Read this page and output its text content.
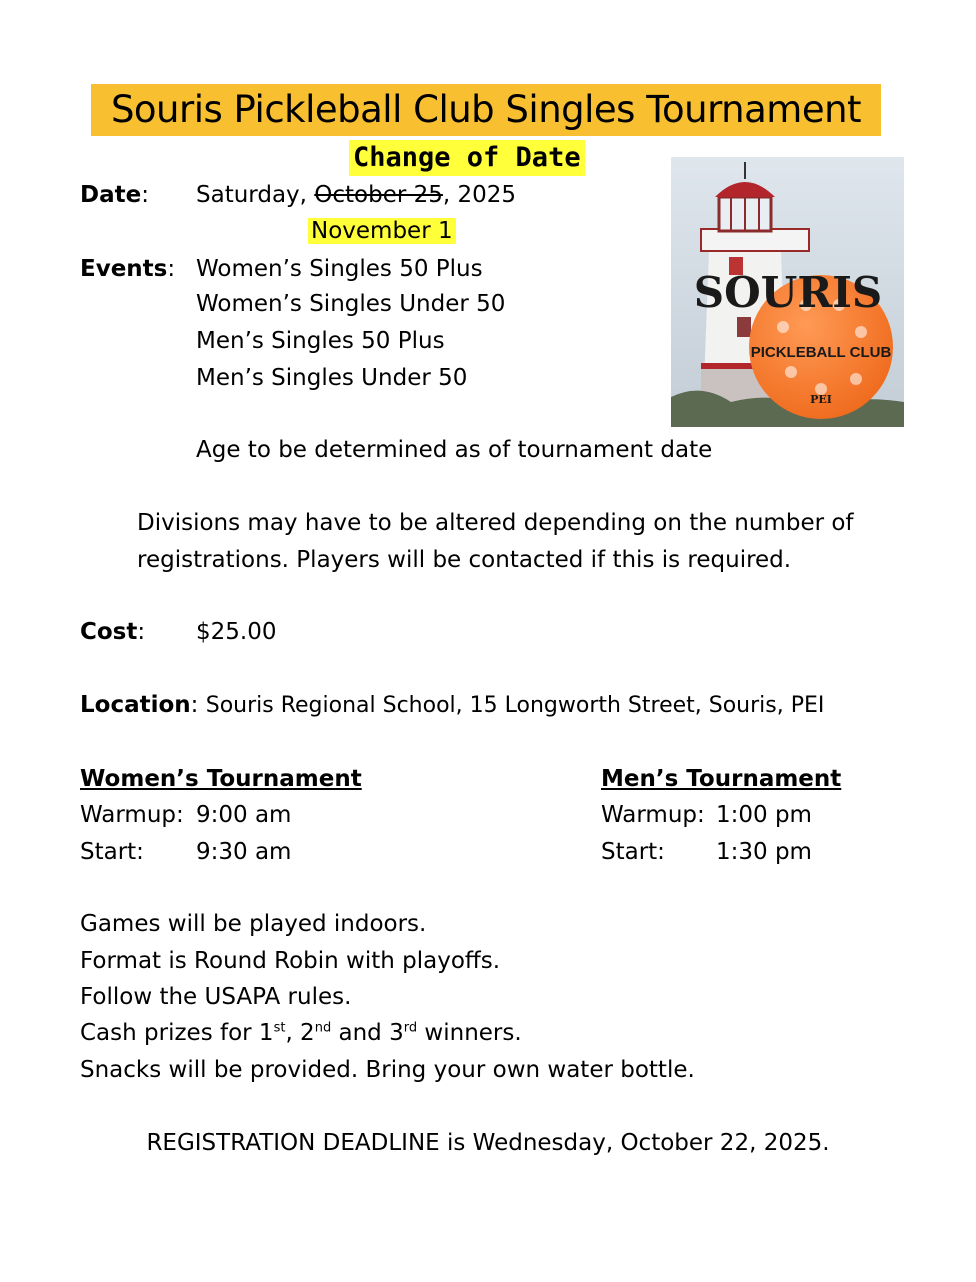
Souris Pickleball Club Singles Tournament
Change of Date
Date: Saturday, October 25, 2025
November 1
Events: Women’s Singles 50 Plus
Women’s Singles Under 50
Men’s Singles 50 Plus
Men’s Singles Under 50
Age to be determined as of tournament date
Divisions may have to be altered depending on the number of
registrations. Players will be contacted if this is required.
Cost: $25.00
Location: Souris Regional School, 15 Longworth Street, Souris, PEI
Women’s Tournament
Warmup: 9:00 am
Start: 9:30 am
Men’s Tournament
Warmup: 1:00 pm
Start: 1:30 pm
Games will be played indoors.
Format is Round Robin with playoffs.
Follow the USAPA rules.
Cash prizes for 1st, 2nd and 3rd winners.
Snacks will be provided. Bring your own water bottle.
REGISTRATION DEADLINE is Wednesday, October 22, 2025.
SOURIS
PICKLEBALL CLUB
PEI
